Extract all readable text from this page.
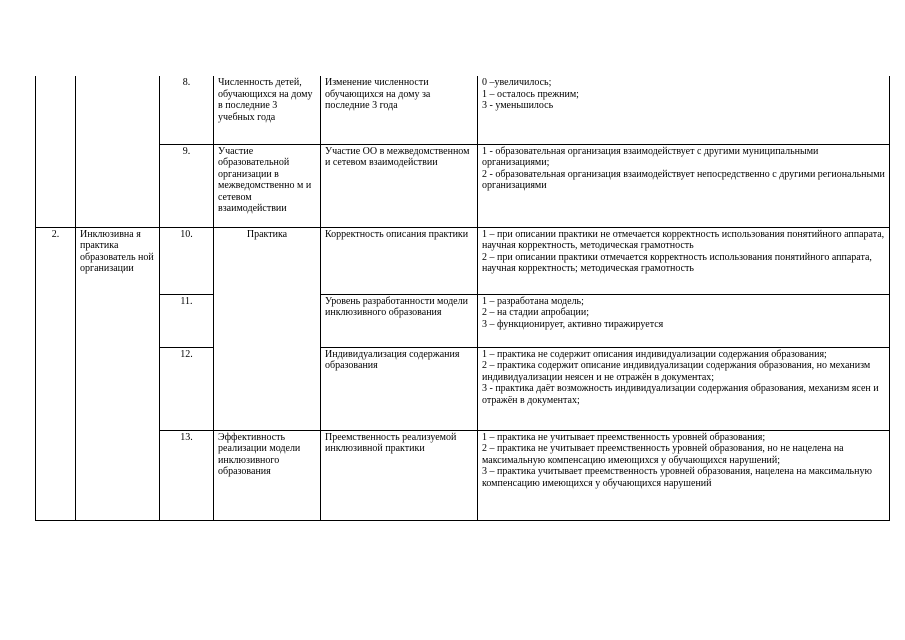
		8.	Численность детей, обучающихся на дому в последние 3 учебных года	Изменение численности обучающихся на дому за последние 3 года	0 –увеличилось;
1 – осталось прежним;
3 - уменьшилось

		9.	Участие образовательной организации в межведомственно м и сетевом взаимодействии	Участие ОО в межведомственном и сетевом взаимодействии	1 - образовательная организация взаимодействует с другими муниципальными организациями;
2 - образовательная организация взаимодействует непосредственно с другими региональными организациями

2.	Инклюзивна я практика образователь ной организации	10.	Практика	Корректность описания практики	1 – при описании практики не отмечается корректность использования понятийного аппарата, научная корректность, методическая грамотность
2 – при описании практики отмечается корректность использования понятийного аппарата, научная корректность; методическая грамотность

		11.		Уровень разработанности модели инклюзивного образования	1 – разработана модель;
2 – на стадии апробации;
3 – функционирует, активно тиражируется

		12.		Индивидуализация содержания образования	1 – практика не содержит описания индивидуализации содержания образования;
2 – практика содержит описание индивидуализации содержания образования, но механизм индивидуализации неясен и не отражён в документах;
3 - практика даёт возможность индивидуализации содержания образования, механизм ясен и отражён в документах;

		13.	Эффективность реализации модели инклюзивного образования	Преемственность реализуемой инклюзивной практики	1 – практика не учитывает преемственность уровней образования;
2 – практика не учитывает преемственность уровней образования, но не нацелена на максимальную компенсацию имеющихся у обучающихся нарушений;
3 – практика учитывает преемственность уровней образования, нацелена на максимальную компенсацию имеющихся у обучающихся нарушений
